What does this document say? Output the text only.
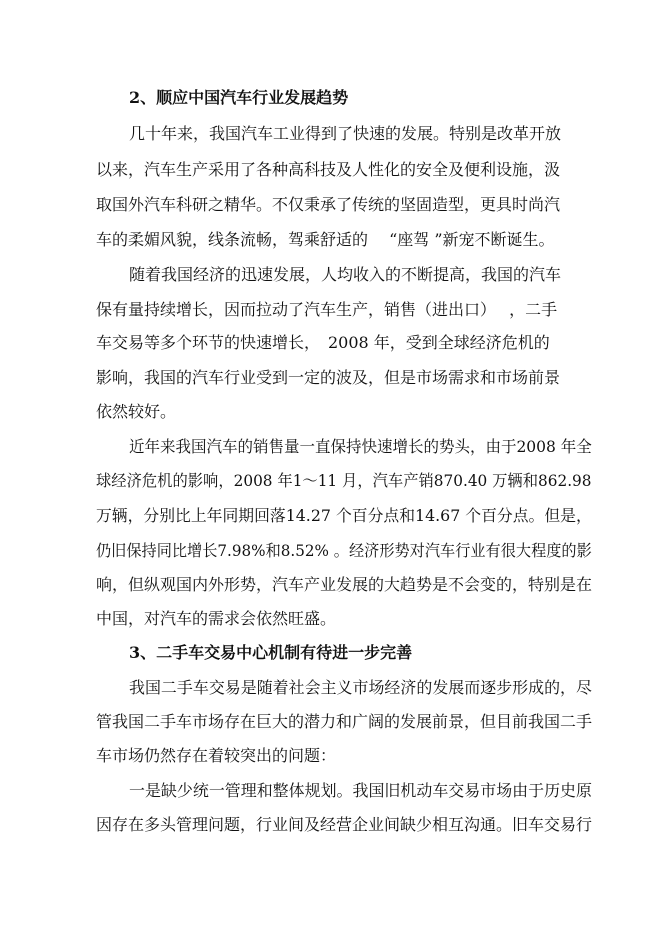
2、顺应中国汽车行业发展趋势
几十年来，我国汽车工业得到了快速的发展。特别是改革开放
以来，汽车生产采用了各种高科技及人性化的安全及便利设施，汲
取国外汽车科研之精华。不仅秉承了传统的坚固造型，更具时尚汽
车的柔媚风貌，线条流畅，驾乘舒适的　 “座驾 ”新宠不断诞生。
随着我国经济的迅速发展，人均收入的不断提高，我国的汽车
保有量持续增长，因而拉动了汽车生产，销售（进出口）　 ，二手
车交易等多个环节的快速增长，　2008 年，受到全球经济危机的
影响，我国的汽车行业受到一定的波及，但是市场需求和市场前景
依然较好。
近年来我国汽车的销售量一直保持快速增长的势头，由于2008 年全
球经济危机的影响，2008 年1～11 月，汽车产销870.40 万辆和862.98
万辆，分别比上年同期回落14.27 个百分点和14.67 个百分点。但是，
仍旧保持同比增长7.98%和8.52% 。经济形势对汽车行业有很大程度的影
响，但纵观国内外形势，汽车产业发展的大趋势是不会变的，特别是在
中国，对汽车的需求会依然旺盛。
3、二手车交易中心机制有待进一步完善
我国二手车交易是随着社会主义市场经济的发展而逐步形成的，尽
管我国二手车市场存在巨大的潜力和广阔的发展前景，但目前我国二手
车市场仍然存在着较突出的问题：
一是缺少统一管理和整体规划。我国旧机动车交易市场由于历史原
因存在多头管理问题，行业间及经营企业间缺少相互沟通。旧车交易行
